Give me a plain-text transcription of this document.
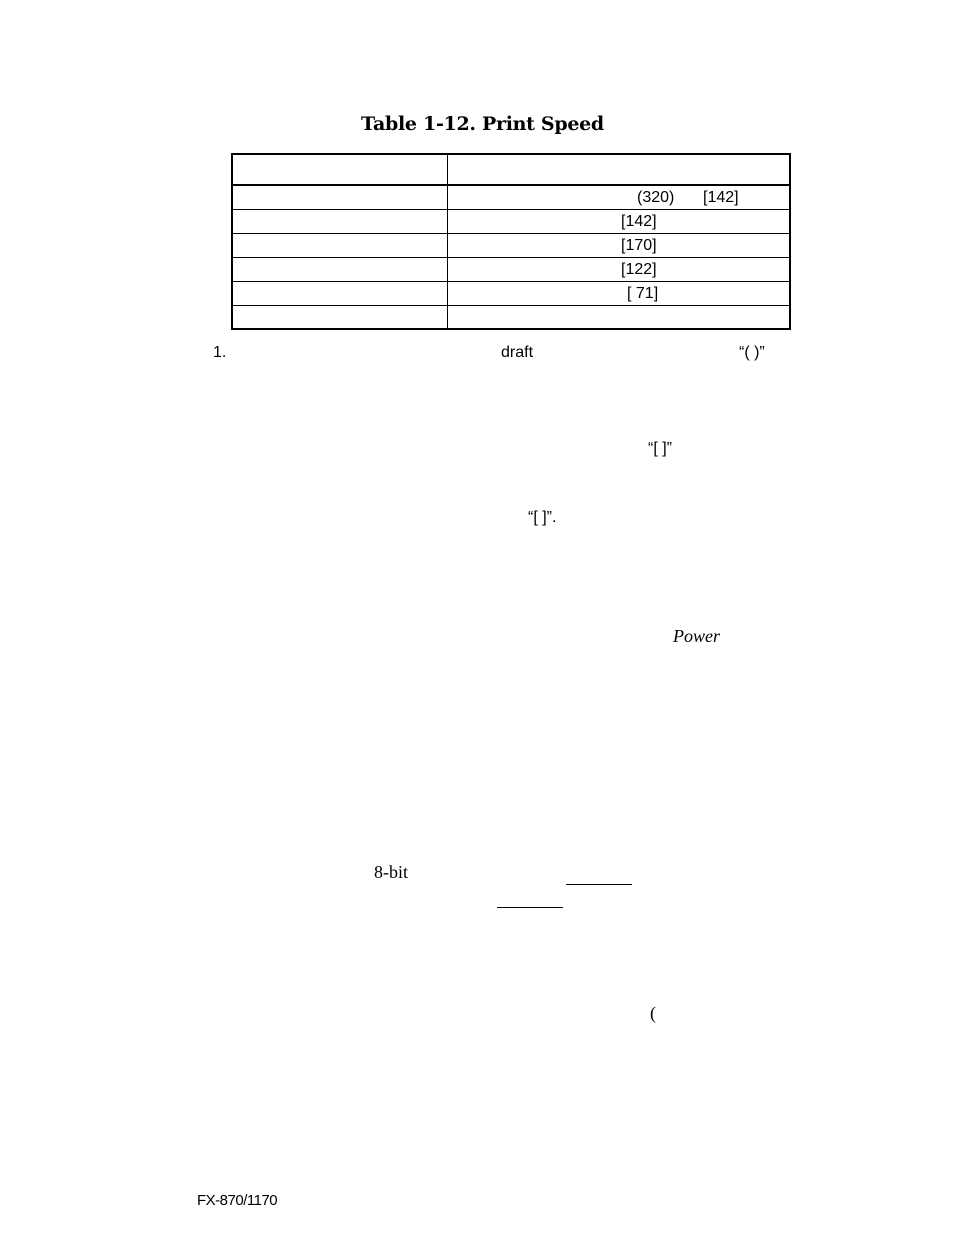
Table 1-12. Print Speed
(320) [142]
[142]
[170]
[122]
[ 71]
1.	draft	“( )”
“[ ]”
“[ ]”.
Power
8-bit
(
FX-870/1170
